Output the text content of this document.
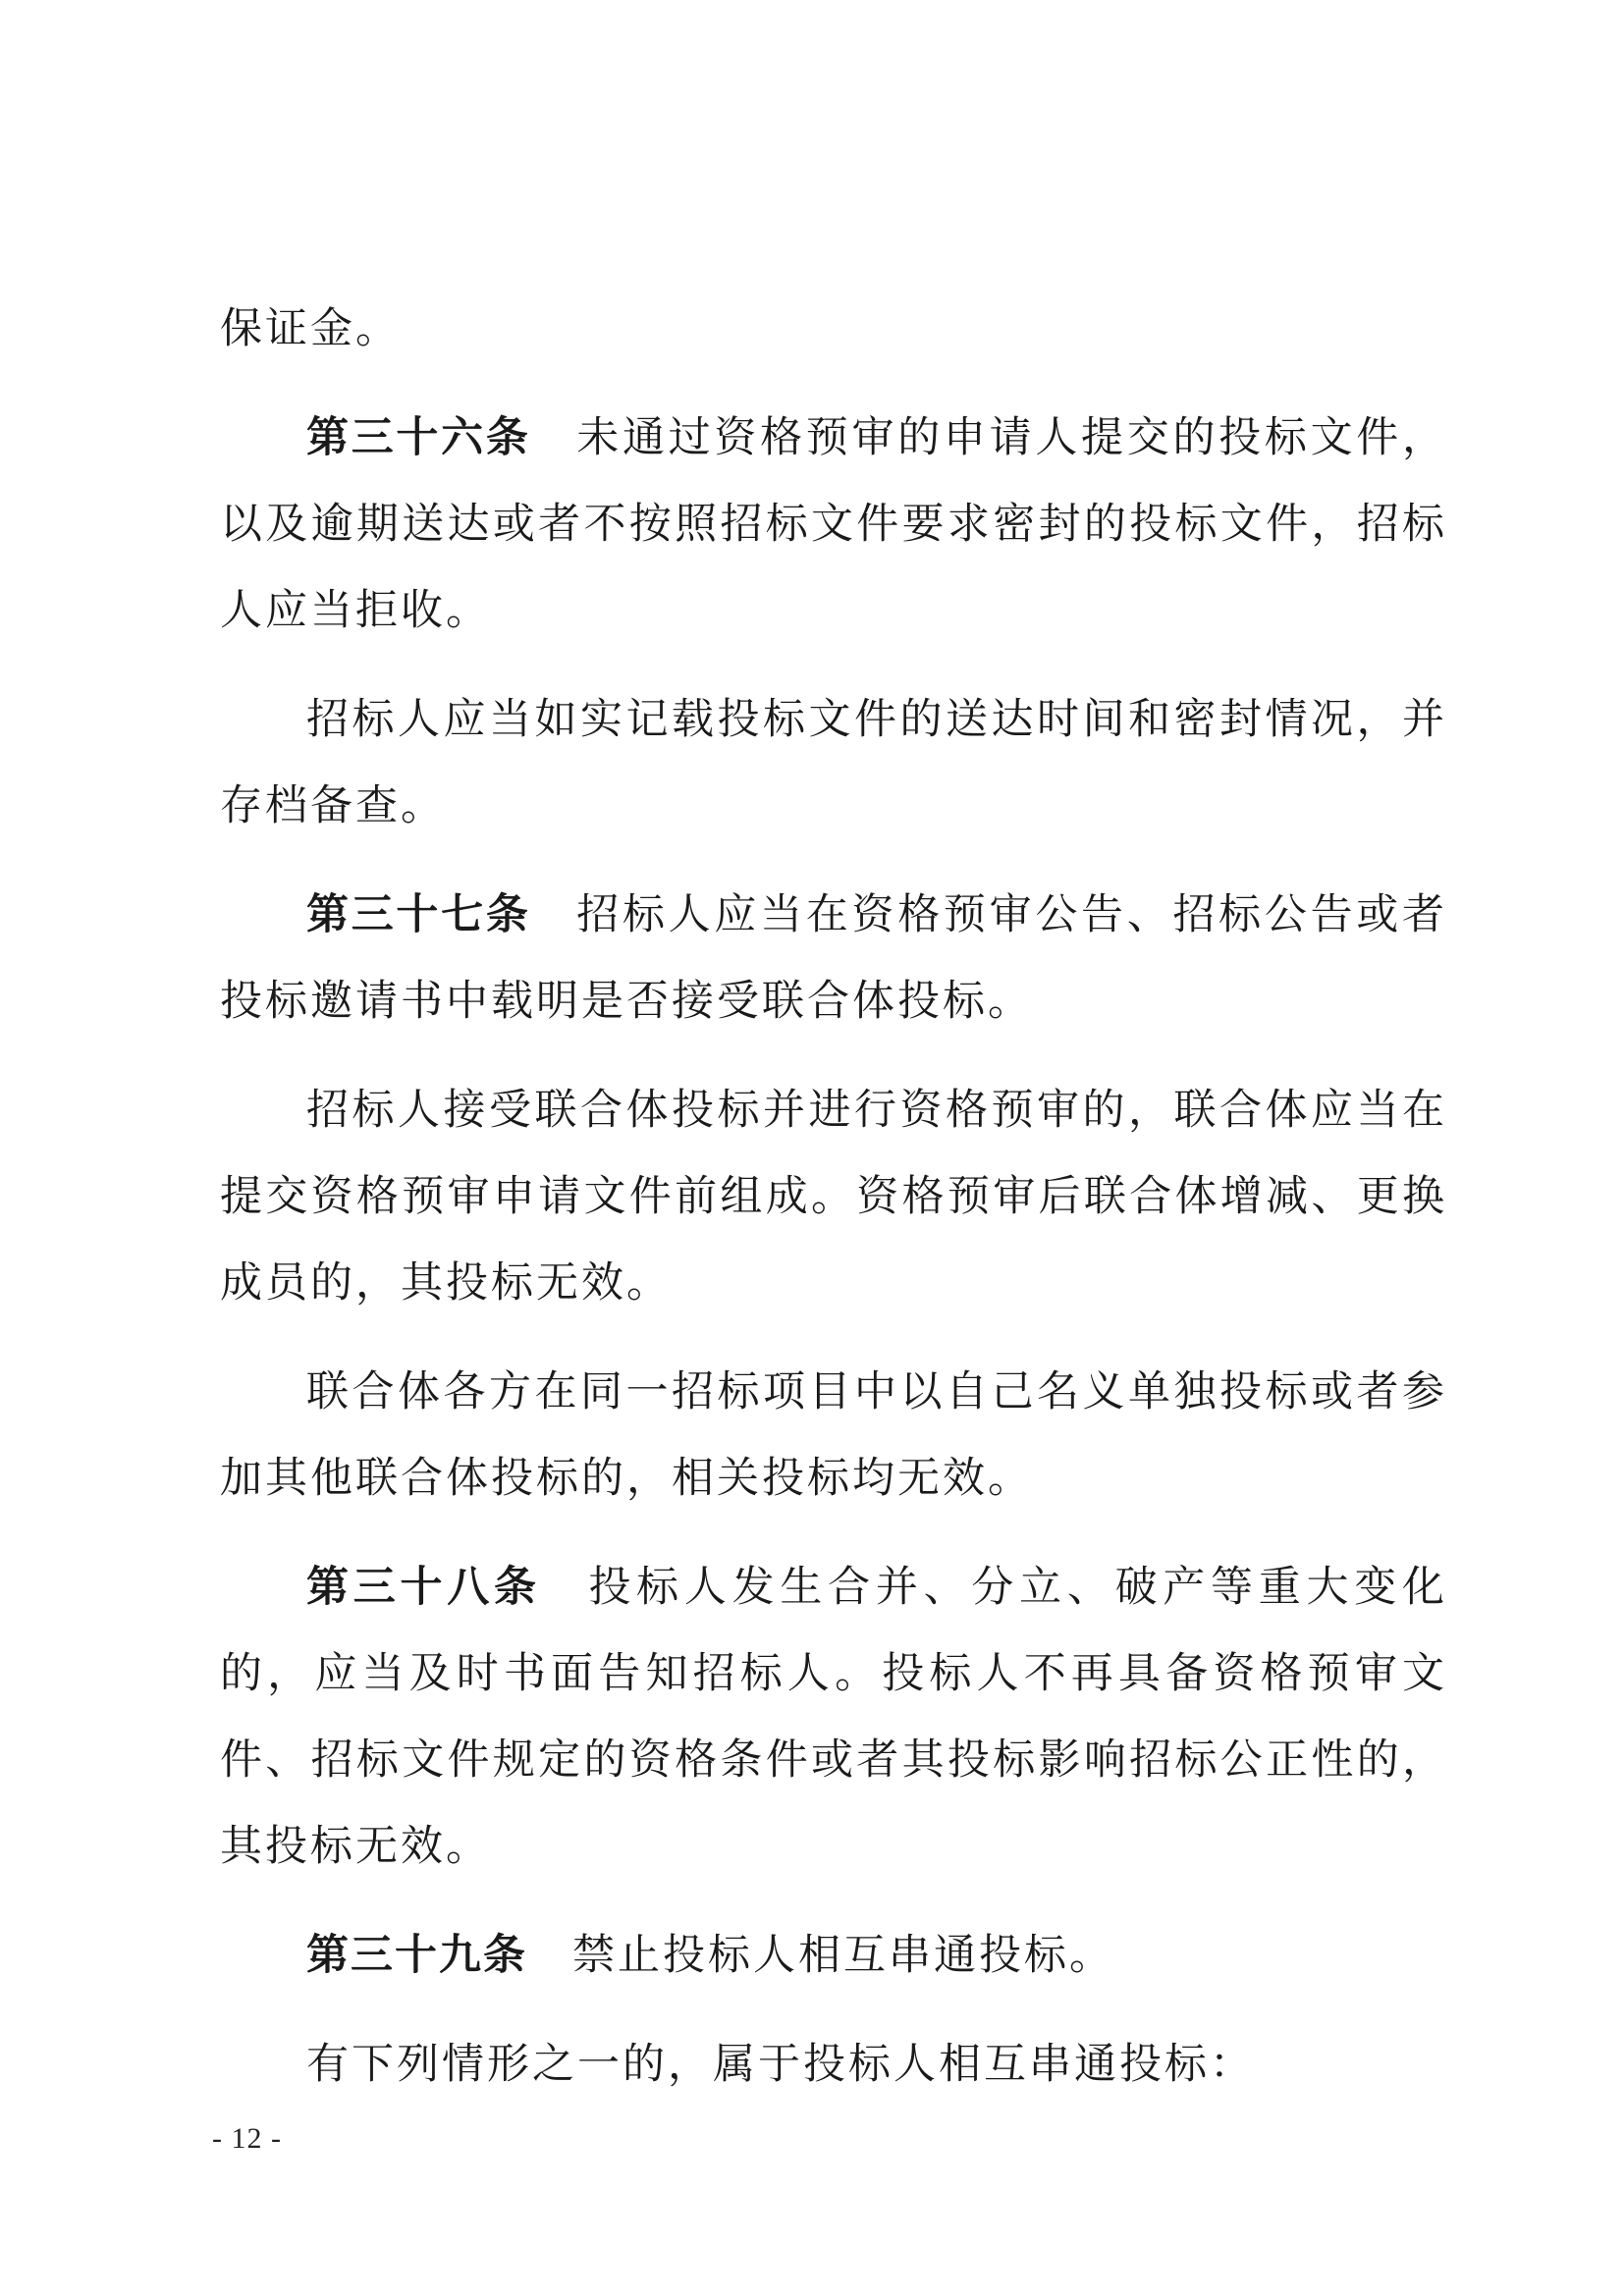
保证金。

第三十六条 未通过资格预审的申请人提交的投标文件，以及逾期送达或者不按照招标文件要求密封的投标文件，招标人应当拒收。

招标人应当如实记载投标文件的送达时间和密封情况，并存档备查。

第三十七条 招标人应当在资格预审公告、招标公告或者投标邀请书中载明是否接受联合体投标。

招标人接受联合体投标并进行资格预审的，联合体应当在提交资格预审申请文件前组成。资格预审后联合体增减、更换成员的，其投标无效。

联合体各方在同一招标项目中以自己名义单独投标或者参加其他联合体投标的，相关投标均无效。

第三十八条 投标人发生合并、分立、破产等重大变化的，应当及时书面告知招标人。投标人不再具备资格预审文件、招标文件规定的资格条件或者其投标影响招标公正性的，其投标无效。

第三十九条 禁止投标人相互串通投标。

有下列情形之一的，属于投标人相互串通投标：

- 12 -
